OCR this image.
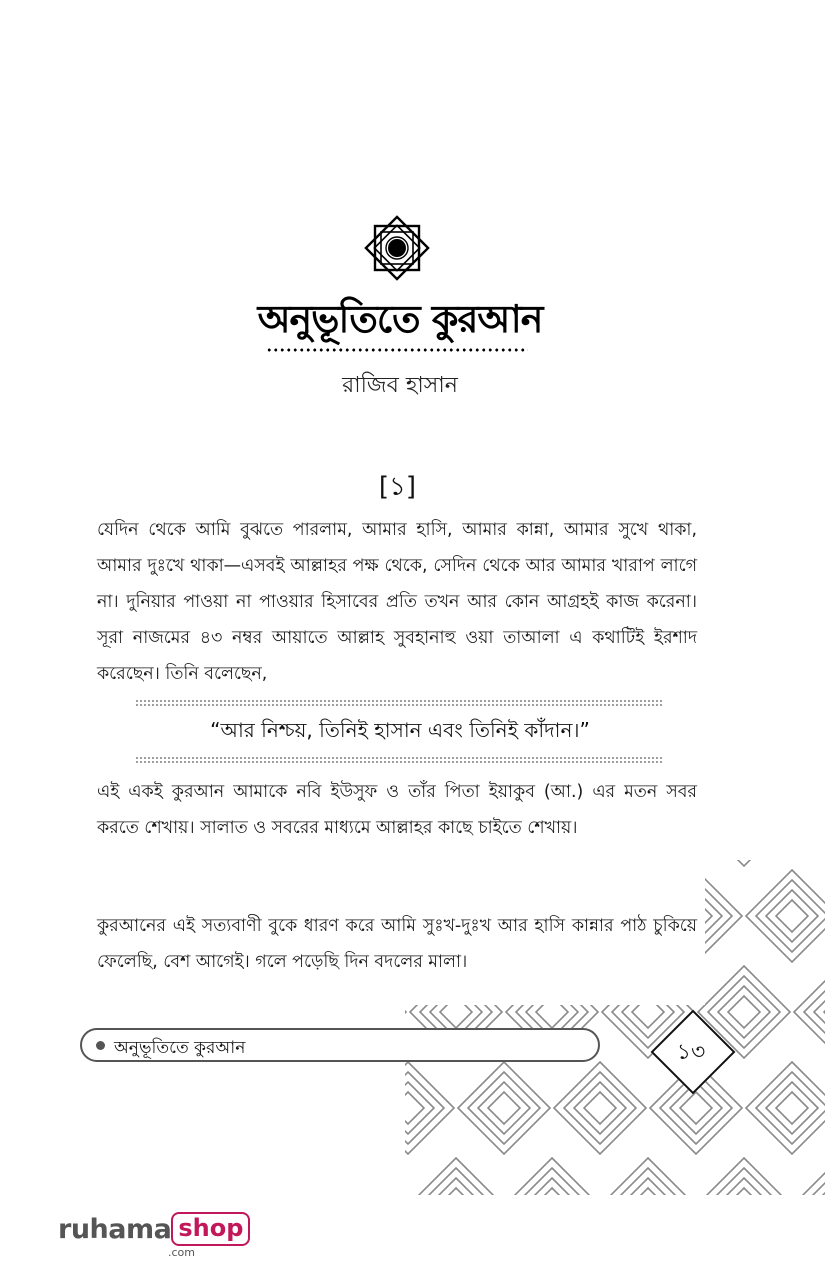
অনুভূতিতে কুরআন
রাজিব হাসান
[১]
যেদিন থেকে আমি বুঝতে পারলাম, আমার হাসি, আমার কান্না, আমার সুখে থাকা, আমার দুঃখে থাকা—এসবই আল্লাহর পক্ষ থেকে, সেদিন থেকে আর আমার খারাপ লাগে না। দুনিয়ার পাওয়া না পাওয়ার হিসাবের প্রতি তখন আর কোন আগ্রহই কাজ করেনা। সূরা নাজমের ৪৩ নম্বর আয়াতে আল্লাহ সুবহানাহু ওয়া তাআলা এ কথাটিই ইরশাদ করেছেন। তিনি বলেছেন,
“আর নিশ্চয়, তিনিই হাসান এবং তিনিই কাঁদান।”
এই একই কুরআন আমাকে নবি ইউসুফ ও তাঁর পিতা ইয়াকুব (আ.) এর মতন সবর করতে শেখায়। সালাত ও সবরের মাধ্যমে আল্লাহর কাছে চাইতে শেখায়।
কুরআনের এই সত্যবাণী বুকে ধারণ করে আমি সুঃখ-দুঃখ আর হাসি কান্নার পাঠ চুকিয়ে ফেলেছি, বেশ আগেই। গলে পড়েছি দিন বদলের মালা।
অনুভূতিতে কুরআন	১৩
ruhama shop
.com
